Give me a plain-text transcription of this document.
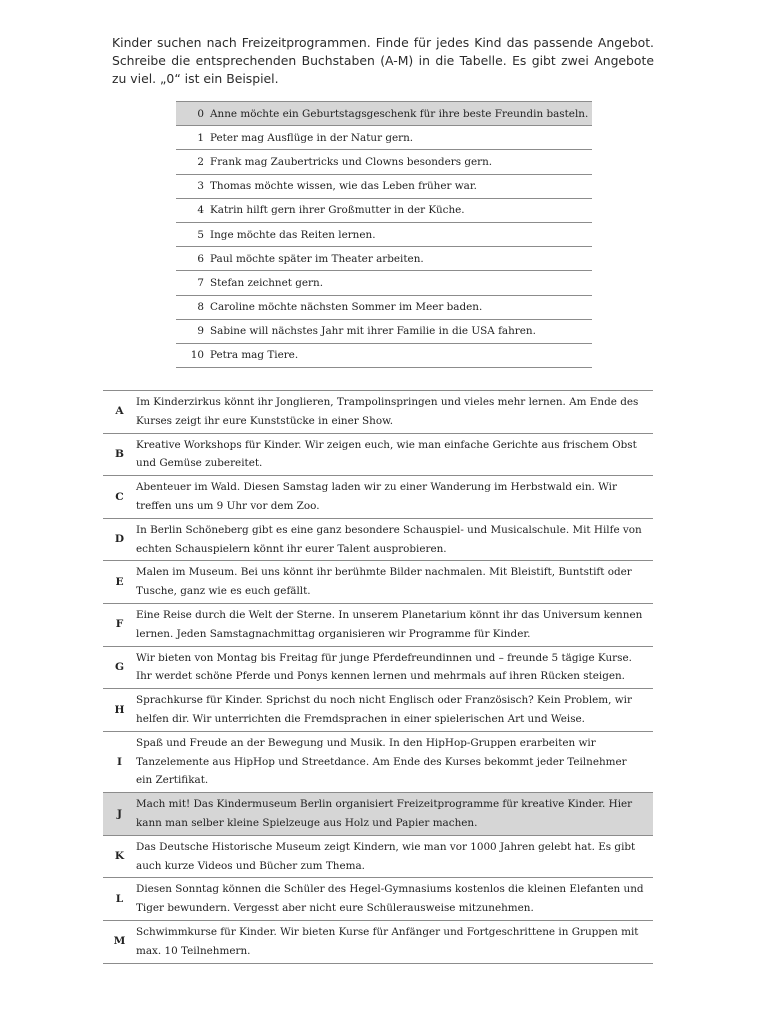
Kinder suchen nach Freizeitprogrammen. Finde für jedes Kind das passende Angebot. Schreibe die entsprechenden Buchstaben (A-M) in die Tabelle. Es gibt zwei Angebote zu viel. „0“ ist ein Beispiel.
0	Anne möchte ein Geburtstagsgeschenk für ihre beste Freundin basteln.
1	Peter mag Ausflüge in der Natur gern.
2	Frank mag Zaubertricks und Clowns besonders gern.
3	Thomas möchte wissen, wie das Leben früher war.
4	Katrin hilft gern ihrer Großmutter in der Küche.
5	Inge möchte das Reiten lernen.
6	Paul möchte später im Theater arbeiten.
7	Stefan zeichnet gern.
8	Caroline möchte nächsten Sommer im Meer baden.
9	Sabine will nächstes Jahr mit ihrer Familie in die USA fahren.
10	Petra mag Tiere.
A	Im Kinderzirkus könnt ihr Jonglieren, Trampolinspringen und vieles mehr lernen. Am Ende des Kurses zeigt ihr eure Kunststücke in einer Show.
B	Kreative Workshops für Kinder. Wir zeigen euch, wie man einfache Gerichte aus frischem Obst und Gemüse zubereitet.
C	Abenteuer im Wald. Diesen Samstag laden wir zu einer Wanderung im Herbstwald ein. Wir treffen uns um 9 Uhr vor dem Zoo.
D	In Berlin Schöneberg gibt es eine ganz besondere Schauspiel- und Musicalschule. Mit Hilfe von echten Schauspielern könnt ihr eurer Talent ausprobieren.
E	Malen im Museum. Bei uns könnt ihr berühmte Bilder nachmalen. Mit Bleistift, Buntstift oder Tusche, ganz wie es euch gefällt.
F	Eine Reise durch die Welt der Sterne. In unserem Planetarium könnt ihr das Universum kennen lernen. Jeden Samstagnachmittag organisieren wir Programme für Kinder.
G	Wir bieten von Montag bis Freitag für junge Pferdefreundinnen und – freunde 5 tägige Kurse. Ihr werdet schöne Pferde und Ponys kennen lernen und mehrmals auf ihren Rücken steigen.
H	Sprachkurse für Kinder. Sprichst du noch nicht Englisch oder Französisch? Kein Problem, wir helfen dir. Wir unterrichten die Fremdsprachen in einer spielerischen Art und Weise.
I	Spaß und Freude an der Bewegung und Musik. In den HipHop-Gruppen erarbeiten wir Tanzelemente aus HipHop und Streetdance. Am Ende des Kurses bekommt jeder Teilnehmer ein Zertifikat.
J	Mach mit! Das Kindermuseum Berlin organisiert Freizeitprogramme für kreative Kinder. Hier kann man selber kleine Spielzeuge aus Holz und Papier machen.
K	Das Deutsche Historische Museum zeigt Kindern, wie man vor 1000 Jahren gelebt hat. Es gibt auch kurze Videos und Bücher zum Thema.
L	Diesen Sonntag können die Schüler des Hegel-Gymnasiums kostenlos die kleinen Elefanten und Tiger bewundern. Vergesst aber nicht eure Schülerausweise mitzunehmen.
M	Schwimmkurse für Kinder. Wir bieten Kurse für Anfänger und Fortgeschrittene in Gruppen mit max. 10 Teilnehmern.
